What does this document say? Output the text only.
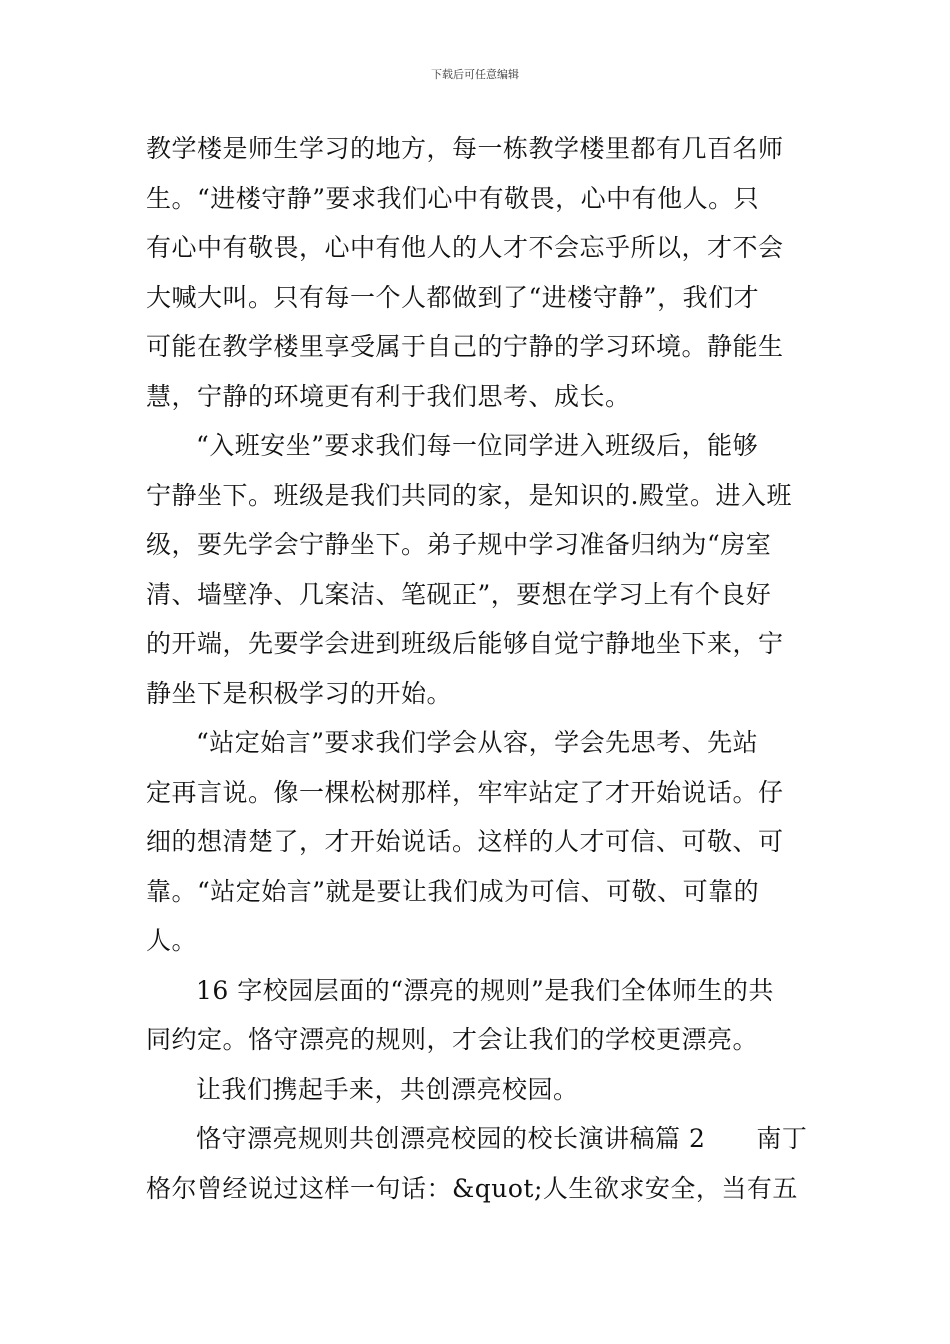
下载后可任意编辑
教学楼是师生学习的地方，每一栋教学楼里都有几百名师
生。“进楼守静”要求我们心中有敬畏，心中有他人。只
有心中有敬畏，心中有他人的人才不会忘乎所以，才不会
大喊大叫。只有每一个人都做到了“进楼守静”，我们才
可能在教学楼里享受属于自己的宁静的学习环境。静能生
慧，宁静的环境更有利于我们思考、成长。
“入班安坐”要求我们每一位同学进入班级后，能够
宁静坐下。班级是我们共同的家，是知识的.殿堂。进入班
级，要先学会宁静坐下。弟子规中学习准备归纳为“房室
清、墙壁净、几案洁、笔砚正”，要想在学习上有个良好
的开端，先要学会进到班级后能够自觉宁静地坐下来，宁
静坐下是积极学习的开始。
“站定始言”要求我们学会从容，学会先思考、先站
定再言说。像一棵松树那样，牢牢站定了才开始说话。仔
细的想清楚了，才开始说话。这样的人才可信、可敬、可
靠。“站定始言”就是要让我们成为可信、可敬、可靠的
人。
16 字校园层面的“漂亮的规则”是我们全体师生的共
同约定。恪守漂亮的规则，才会让我们的学校更漂亮。
让我们携起手来，共创漂亮校园。
恪守漂亮规则共创漂亮校园的校长演讲稿篇 2　　南丁
格尔曾经说过这样一句话：&quot;人生欲求安全，当有五
